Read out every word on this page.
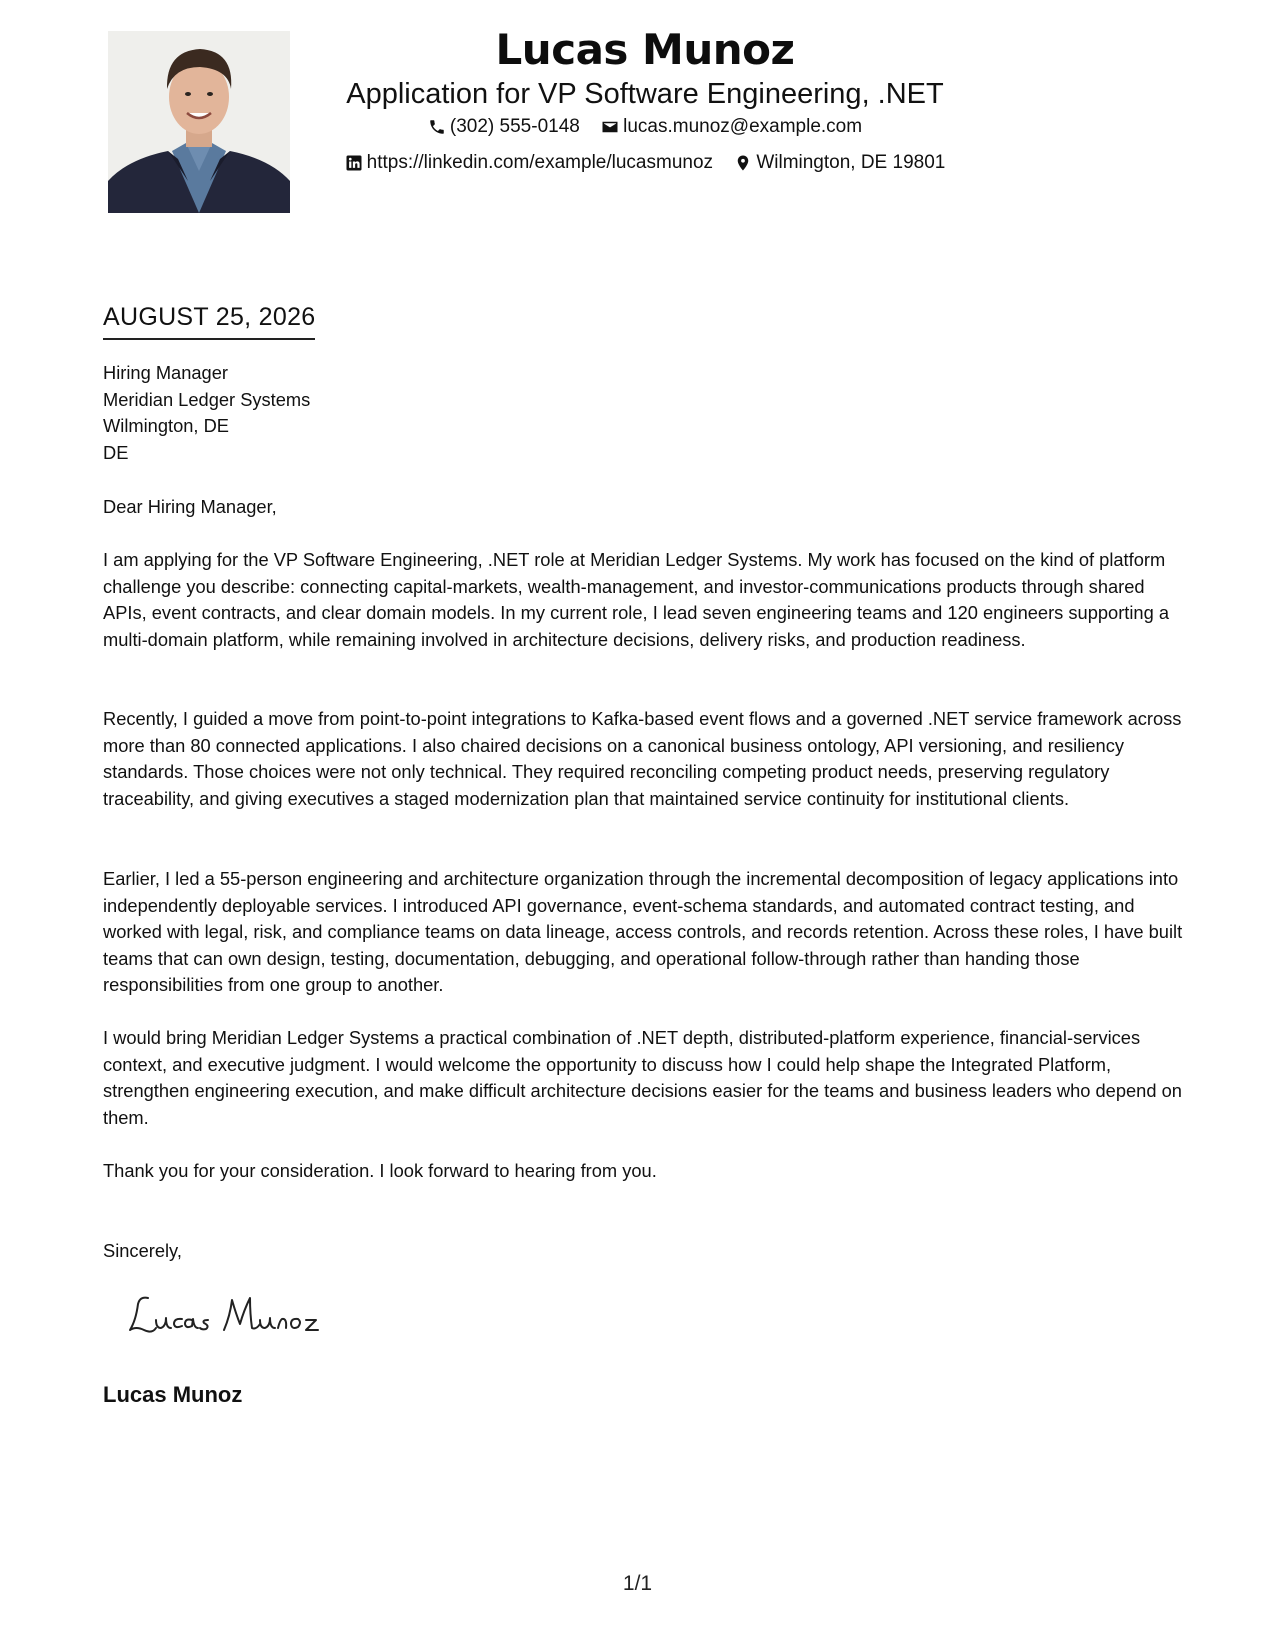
Lucas Munoz
Application for VP Software Engineering, .NET
(302) 555-0148
lucas.munoz@example.com
https://linkedin.com/example/lucasmunoz
Wilmington, DE 19801
AUGUST 25, 2026
Hiring Manager
Meridian Ledger Systems
Wilmington, DE
DE
Dear Hiring Manager,

I am applying for the VP Software Engineering, .NET role at Meridian Ledger Systems. My work has focused on the kind of platform challenge you describe: connecting capital-markets, wealth-management, and investor-communications products through shared APIs, event contracts, and clear domain models. In my current role, I lead seven engineering teams and 120 engineers supporting a multi-domain platform, while remaining involved in architecture decisions, delivery risks, and production readiness.

Recently, I guided a move from point-to-point integrations to Kafka-based event flows and a governed .NET service framework across more than 80 connected applications. I also chaired decisions on a canonical business ontology, API versioning, and resiliency standards. Those choices were not only technical. They required reconciling competing product needs, preserving regulatory traceability, and giving executives a staged modernization plan that maintained service continuity for institutional clients.

Earlier, I led a 55-person engineering and architecture organization through the incremental decomposition of legacy applications into independently deployable services. I introduced API governance, event-schema standards, and automated contract testing, and worked with legal, risk, and compliance teams on data lineage, access controls, and records retention. Across these roles, I have built teams that can own design, testing, documentation, debugging, and operational follow-through rather than handing those responsibilities from one group to another.

I would bring Meridian Ledger Systems a practical combination of .NET depth, distributed-platform experience, financial-services context, and executive judgment. I would welcome the opportunity to discuss how I could help shape the Integrated Platform, strengthen engineering execution, and make difficult architecture decisions easier for the teams and business leaders who depend on them.

Thank you for your consideration. I look forward to hearing from you.

Sincerely,
Lucas Munoz
1/1
